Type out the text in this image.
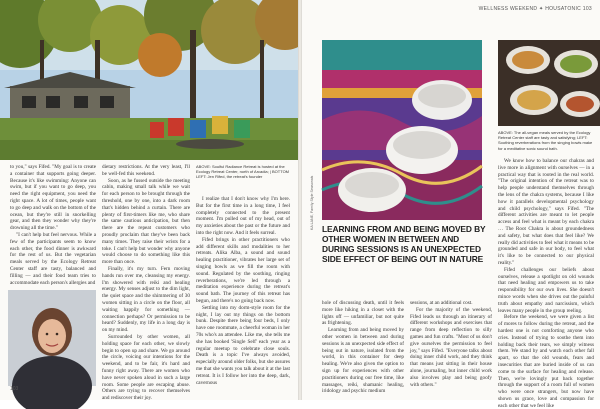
ABOVE: Soulful Radiance Retreat is hosted at the Ecology Retreat Center, north of Arcadia; | BOTTOM LEFT: Jen Rifed, the retreat's founder

to you," says Fifed. "My goal is to create a container that supports going deeper. Because it's like swimming: Anyone can swim, but if you want to go deep, you need the right equipment, you need the right space. A lot of times, people want to go deep and walk on the bottom of the ocean, but they're still in snorkelling gear, and then they wonder why they're drowning all the time."

"I can't help but feel nervous. While a few of the participants seem to know each other, the food dinner is awkward for the rest of us. But the vegetarian meals served by the Ecology Retreat Center staff are tasty, balanced and filling — and their food team tries to accommodate each person's allergies and

dietary restrictions. At the very least, I'll be well-fed this weekend.

Soon, as he fussed outside the meeting cabin, making small talk while we wait for each person to be brought through the threshold, one by one, into a dark room that's hidden behind a curtain. There are plenty of first-timers like me, who share the same cautious anticipation, but then there are the repeat customers who proudly proclaim that they've been back many times. They raise their wrists for a toke. I can't help but wonder why anyone would choose to do something like this more than once.

Finally, it's my turn. Fern moving hands run over me, cleansing my energy. I'm showered with reiki and healing energy. My senses adjust to the dim light, the quiet space and the shimmering of 30 women sitting in a circle on the floor, all waiting happily for something — connection perhaps? Or permission to be heard? Suddenly, my life in a long day is on my mind.

Surrounded by other women, all holding space for each other, we slowly begin to open up and share. We go around the circle, voicing our intentions for the weekend, and to be fair, it's hard and funny right away. There are women who have never spoken aloud in such a large room. Some people are escaping abuse. Others are trying to recover themselves and rediscover their joy.

I realize that I don't know why I'm here. But for the first time in a long time, I feel completely connected to the present moment. I'm pulled out of my head, out of my anxieties about the past or the future and into the right now. And it feels surreal.

Fifed brings in other practitioners who add different skills and modalities to her retreats. Alika Alba, a sound and sound healing practitioner, vibrates her large set of singing bowls as we fill the room with sound. Regulated by the soothing, ringing reverberations, we're led through a meditation experience during the retreat's sound bath. The journey of this retreat has begun, and there's no going back now.

Settling into my dorm-style room for the night, I lay out my things on the bottom bunk. Despite there being four beds, I only have one roommate, a cheerful woman in her 70s who's an attendee. Like me, she tells me she has booked 'Single Self' each year as a regular meetup to celebrate close souls. Death is a topic I've always avoided, especially around older folks, but she assures me that she wants you talk about it at the last retreat. It is I follow her into the deep, dark, cavernous

103
WELLNESS WEEKEND ✦ HOUSATONIC 103
KA LANE, Family Style Seasonals
ABOVE: The all-vegan meals served by the Ecology Retreat Center staff are tasty and satisfying; LEFT: Soothing reverberations from the singing bowls make for a meditative sonic sound bath.
LEARNING FROM AND BEING MOVED BY OTHER WOMEN IN BETWEEN AND DURING SESSIONS IS AN UNEXPECTED SIDE EFFECT OF BEING OUT IN NATURE

hole of discussing death, until it feels more like hiking in a closet with the lights off — unfamiliar, but not quite as frightening.

Learning from and being moved by other women in between and during sessions is an unexpected side effect of being out in nature, isolated from the world, in this container for deep healing. We're also given the option to sign up for experiences with other practitioners during our free time, like massages, reiki, shamanic healing, iridology and psychic medium

sessions, at an additional cost.

For the majority of the weekend, Fifed leads us through an itinerary of different workshops and exercises that range from deep reflection to silly games and fun crafts. "Most of us don't give ourselves the permission to feel joy," says Fifed. "Everyone talks about doing inner child work, and they think that means just sitting in their house alone, journaling, but inner child work also involves play and being goofy with others."

We know how to balance our chakras and live more in alignment with ourselves — in a practical way that is rooted in the real world. "The original intention of the retreat was to help people understand themselves through the lens of the chakra systems, because I like how it parallels developmental psychology and child psychology," says Fifed. "The different activities are meant to let people access and feel what is meant by each chakra … The Root Chakra is about groundedness and safety, but what does that feel like? We really did activities to feel what it means to be grounded and safe in our body, to feel what it's like to be connected to our physical reality."

Fifed challenges our beliefs about ourselves, release a spotlight on old wounds that need healing and empowers us to take responsibility for our own lives. She doesn't mince words when she drives out the painful truth about empathy and narcissism, which leaves many people in the group reeling.

Before the weekend, we were given a list of mores to follow during the retreat, and the hardest one is not comforting anyone who cries. Instead of trying to soothe them into holding back their tears, we simply witness them. We stand by and watch each other fall apart, so that the old wounds, fears and insecurities that are buried inside of us can come to the surface for healing and release. Then, we're lovingly put back together through the support of a room full of women who were once strangers, but now have shown us grace, love and compassion for each other that we feel like
